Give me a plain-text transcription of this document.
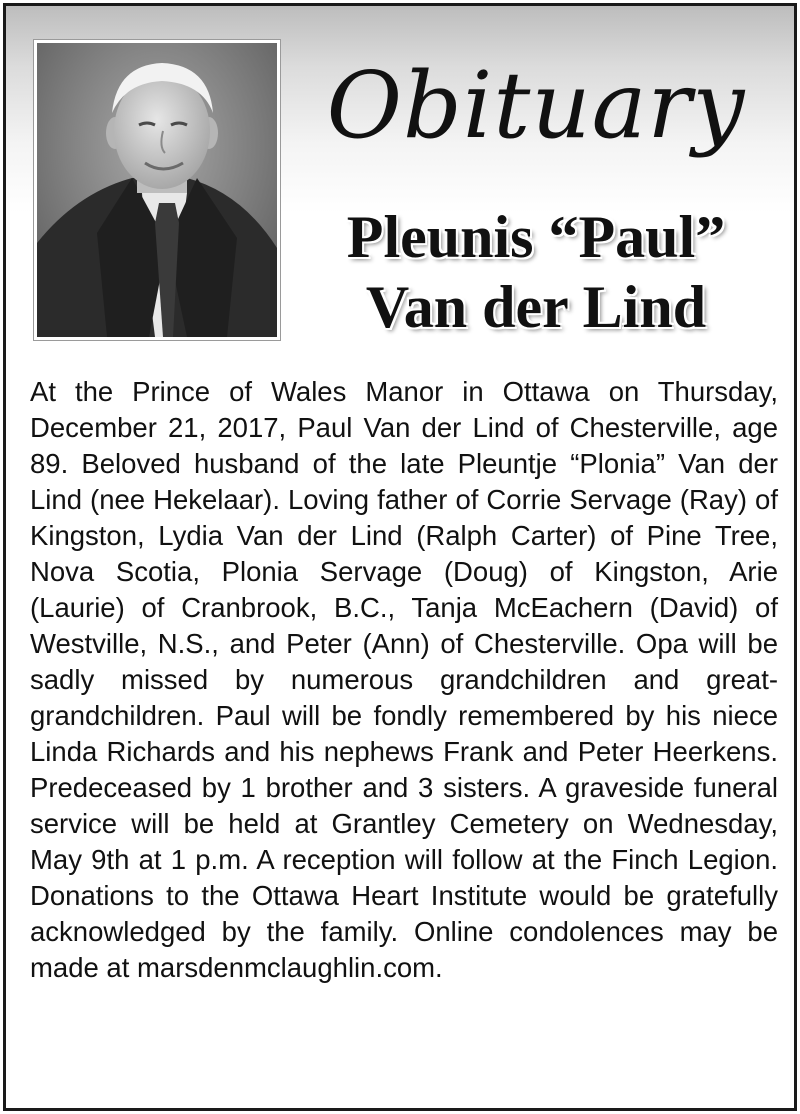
Obituary
Pleunis “Paul”
Van der Lind

At the Prince of Wales Manor in Ottawa on Thursday, December 21, 2017, Paul Van der Lind of Chesterville, age 89. Beloved husband of the late Pleuntje “Plonia” Van der Lind (nee Hekelaar). Loving father of Corrie Servage (Ray) of Kingston, Lydia Van der Lind (Ralph Carter) of Pine Tree, Nova Scotia, Plonia Servage (Doug) of Kingston, Arie (Laurie) of Cranbrook, B.C., Tanja McEachern (David) of Westville, N.S., and Peter (Ann) of Chesterville. Opa will be sadly missed by numerous grandchildren and great-grandchildren. Paul will be fondly remembered by his niece Linda Richards and his nephews Frank and Peter Heerkens. Predeceased by 1 brother and 3 sisters. A graveside funeral service will be held at Grantley Cemetery on Wednesday, May 9th at 1 p.m. A reception will follow at the Finch Legion. Donations to the Ottawa Heart Institute would be gratefully acknowledged by the family. Online condolences may be made at marsdenmclaughlin.com.
